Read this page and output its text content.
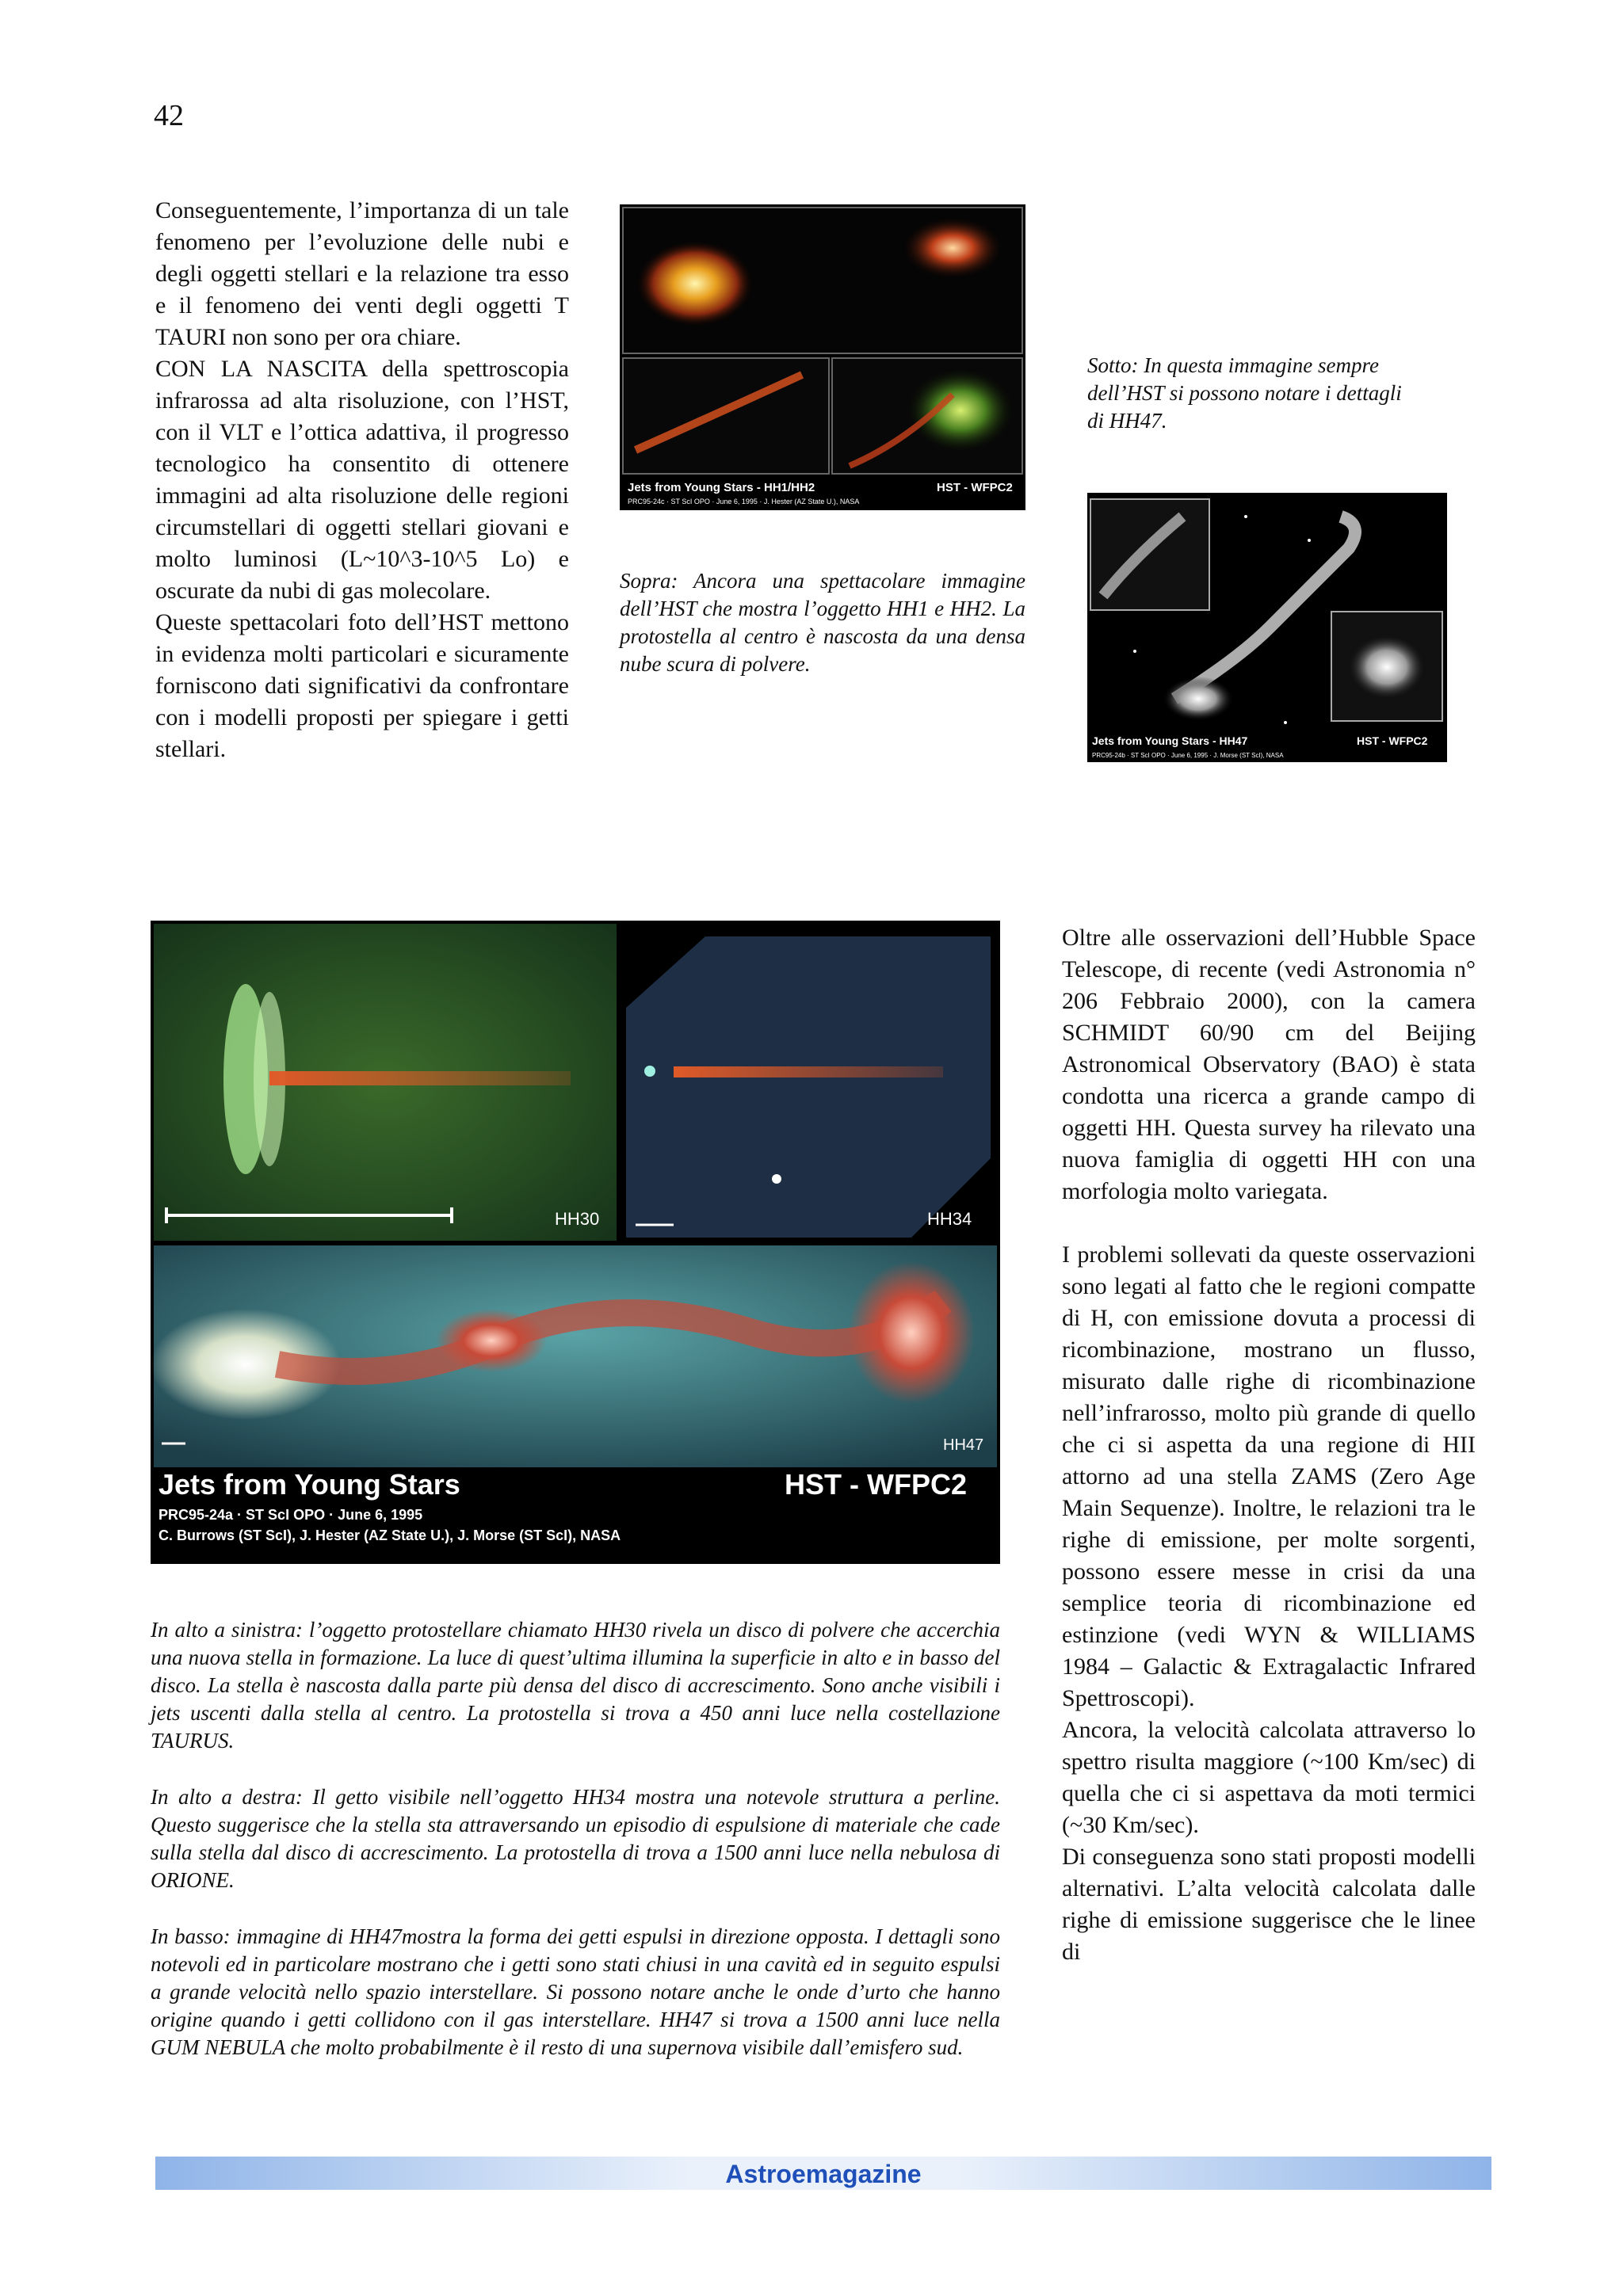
42

Conseguentemente, l’importanza di un tale fenomeno per l’evoluzione delle nubi e degli oggetti stellari e la relazione tra esso e il fenomeno dei venti degli oggetti T TAURI non sono per ora chiare.

CON LA NASCITA della spettroscopia infrarossa ad alta risoluzione, con l’HST, con il VLT e l’ottica adattiva, il progresso tecnologico ha consentito di ottenere immagini ad alta risoluzione delle regioni circumstellari di oggetti stellari giovani e molto luminosi (L~10^3-10^5 Lo) e oscurate da nubi di gas molecolare.

Queste spettacolari foto dell’HST mettono in evidenza molti particolari e sicuramente forniscono dati significativi da confrontare con i modelli proposti per spiegare i getti stellari.

Jets from Young Stars - HH1/HH2	HST - WFPC2
PRC95-24c · ST ScI OPO · June 6, 1995 · J. Hester (AZ State U.), NASA

Sopra: Ancora una spettacolare immagine dell’HST che mostra l’oggetto HH1 e HH2. La protostella al centro è nascosta da una densa nube scura di polvere.

Sotto: In questa immagine sempre dell’HST si possono notare i dettagli di HH47.
Jets from Young Stars - HH47	HST - WFPC2
PRC95-24b · ST ScI OPO · June 6, 1995 · J. Morse (ST ScI), NASA
HH30	HH34
HH47
Jets from Young Stars	HST - WFPC2
PRC95-24a · ST ScI OPO · June 6, 1995
C. Burrows (ST ScI), J. Hester (AZ State U.), J. Morse (ST ScI), NASA

In alto a sinistra: l’oggetto protostellare chiamato HH30 rivela un disco di polvere che accerchia una nuova stella in formazione. La luce di quest’ultima illumina la superficie in alto e in basso del disco. La stella è nascosta dalla parte più densa del disco di accrescimento. Sono anche visibili i jets uscenti dalla stella al centro. La protostella si trova a 450 anni luce nella costellazione TAURUS.

In alto a destra: Il getto visibile nell’oggetto HH34 mostra una notevole struttura a perline. Questo suggerisce che la stella sta attraversando un episodio di espulsione di materiale che cade sulla stella dal disco di accrescimento. La protostella di trova a 1500 anni luce nella nebulosa di ORIONE.

In basso: immagine di HH47mostra la forma dei getti espulsi in direzione opposta. I dettagli sono notevoli ed in particolare mostrano che i getti sono stati chiusi in una cavità ed in seguito espulsi a grande velocità nello spazio interstellare. Si possono notare anche le onde d’urto che hanno origine quando i getti collidono con il gas interstellare. HH47 si trova a 1500 anni luce nella GUM NEBULA che molto probabilmente è il resto di una supernova visibile dall’emisfero sud.

Oltre alle osservazioni dell’Hubble Space Telescope, di recente (vedi Astronomia n° 206 Febbraio 2000), con la camera SCHMIDT 60/90 cm del Beijing Astronomical Observatory (BAO) è stata condotta una ricerca a grande campo di oggetti HH. Questa survey ha rilevato una nuova famiglia di oggetti HH con una morfologia molto variegata.

I problemi sollevati da queste osservazioni sono legati al fatto che le regioni compatte di H, con emissione dovuta a processi di ricombinazione, mostrano un flusso, misurato dalle righe di ricombinazione nell’infrarosso, molto più grande di quello che ci si aspetta da una regione di HII attorno ad una stella ZAMS (Zero Age Main Sequenze). Inoltre, le relazioni tra le righe di emissione, per molte sorgenti, possono essere messe in crisi da una semplice teoria di ricombinazione ed estinzione (vedi WYN & WILLIAMS 1984 – Galactic & Extragalactic Infrared Spettroscopi).

Ancora, la velocità calcolata attraverso lo spettro risulta maggiore (~100 Km/sec) di quella che ci si aspettava da moti termici (~30 Km/sec).

Di conseguenza sono stati proposti modelli alternativi. L’alta velocità calcolata dalle righe di emissione suggerisce che le linee di

Astroemagazine
